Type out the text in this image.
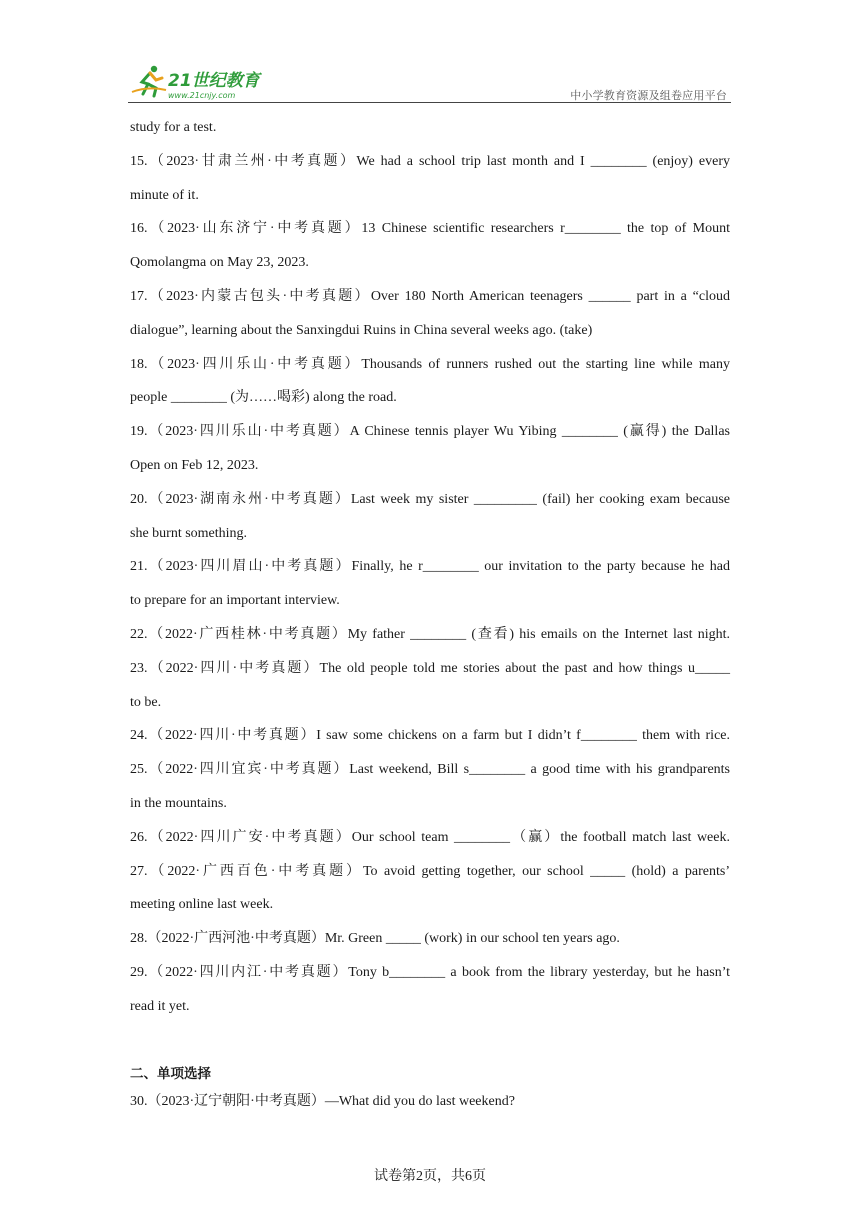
21世纪教育
www.21cnjy.com	中小学教育资源及组卷应用平台
study for a test.
15.（2023·甘肃兰州·中考真题）We had a school trip last month and I ________ (enjoy) every
minute of it.
16.（2023·山东济宁·中考真题）13 Chinese scientific researchers r________ the top of Mount
Qomolangma on May 23, 2023.
17.（2023·内蒙古包头·中考真题）Over 180 North American teenagers ______ part in a “cloud
dialogue”, learning about the Sanxingdui Ruins in China several weeks ago. (take)
18.（2023·四川乐山·中考真题）Thousands of runners rushed out the starting line while many
people ________ (为……喝彩) along the road.
19.（2023·四川乐山·中考真题）A Chinese tennis player Wu Yibing ________ (赢得) the Dallas
Open on Feb 12, 2023.
20.（2023·湖南永州·中考真题）Last week my sister _________ (fail) her cooking exam because
she burnt something.
21.（2023·四川眉山·中考真题）Finally, he r________ our invitation to the party because he had
to prepare for an important interview.
22.（2022·广西桂林·中考真题）My father ________ (查看) his emails on the Internet last night.
23.（2022·四川·中考真题）The old people told me stories about the past and how things u_____
to be.
24.（2022·四川·中考真题）I saw some chickens on a farm but I didn’t f________ them with rice.
25.（2022·四川宜宾·中考真题）Last weekend, Bill s________ a good time with his grandparents
in the mountains.
26.（2022·四川广安·中考真题）Our school team ________（赢）the football match last week.
27.（2022·广西百色·中考真题）To avoid getting together, our school _____ (hold) a parents’
meeting online last week.
28.（2022·广西河池·中考真题）Mr. Green _____ (work) in our school ten years ago.
29.（2022·四川内江·中考真题）Tony b________ a book from the library yesterday, but he hasn’t
read it yet.
二、单项选择
30.（2023·辽宁朝阳·中考真题）—What did you do last weekend?
试卷第2页，共6页
